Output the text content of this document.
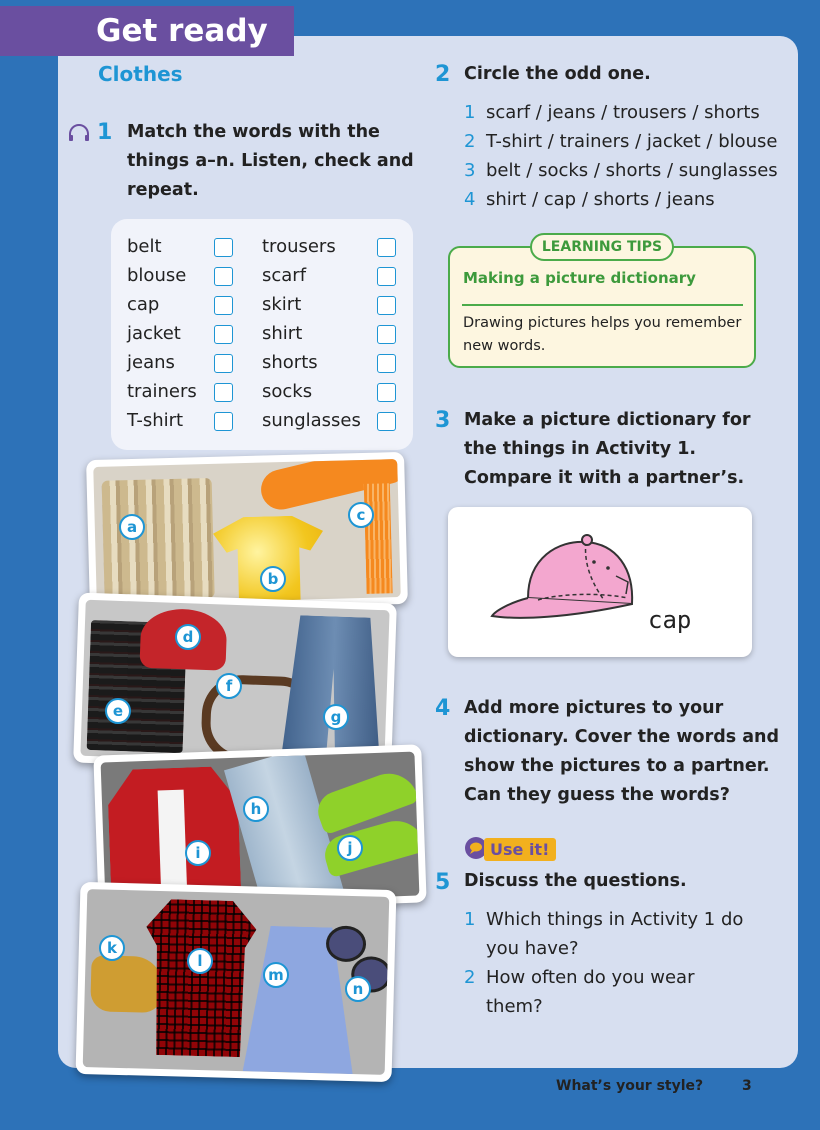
Get ready
Clothes
1 Match the words with the
things a–n. Listen, check and
repeat.
belt
blouse
cap
jacket
jeans
trainers
T-shirt
trousers
scarf
skirt
shirt
shorts
socks
sunglasses
a
b
c
d
e
f
g
h
i	j
k
l
m
n
2 Circle the odd one.
1 scarf / jeans / trousers / shorts
2 T-shirt / trainers / jacket / blouse
3 belt / socks / shorts / sunglasses
4 shirt / cap / shorts / jeans
LEARNING TIPS
Making a picture dictionary
Drawing pictures helps you remember new words.
3 Make a picture dictionary for
the things in Activity 1.
Compare it with a partner’s.
cap
4 Add more pictures to your
dictionary. Cover the words and
show the pictures to a partner.
Can they guess the words?
Use it!
5 Discuss the questions.
1 Which things in Activity 1 do
you have?
2 How often do you wear
them?
What’s your style?	3
